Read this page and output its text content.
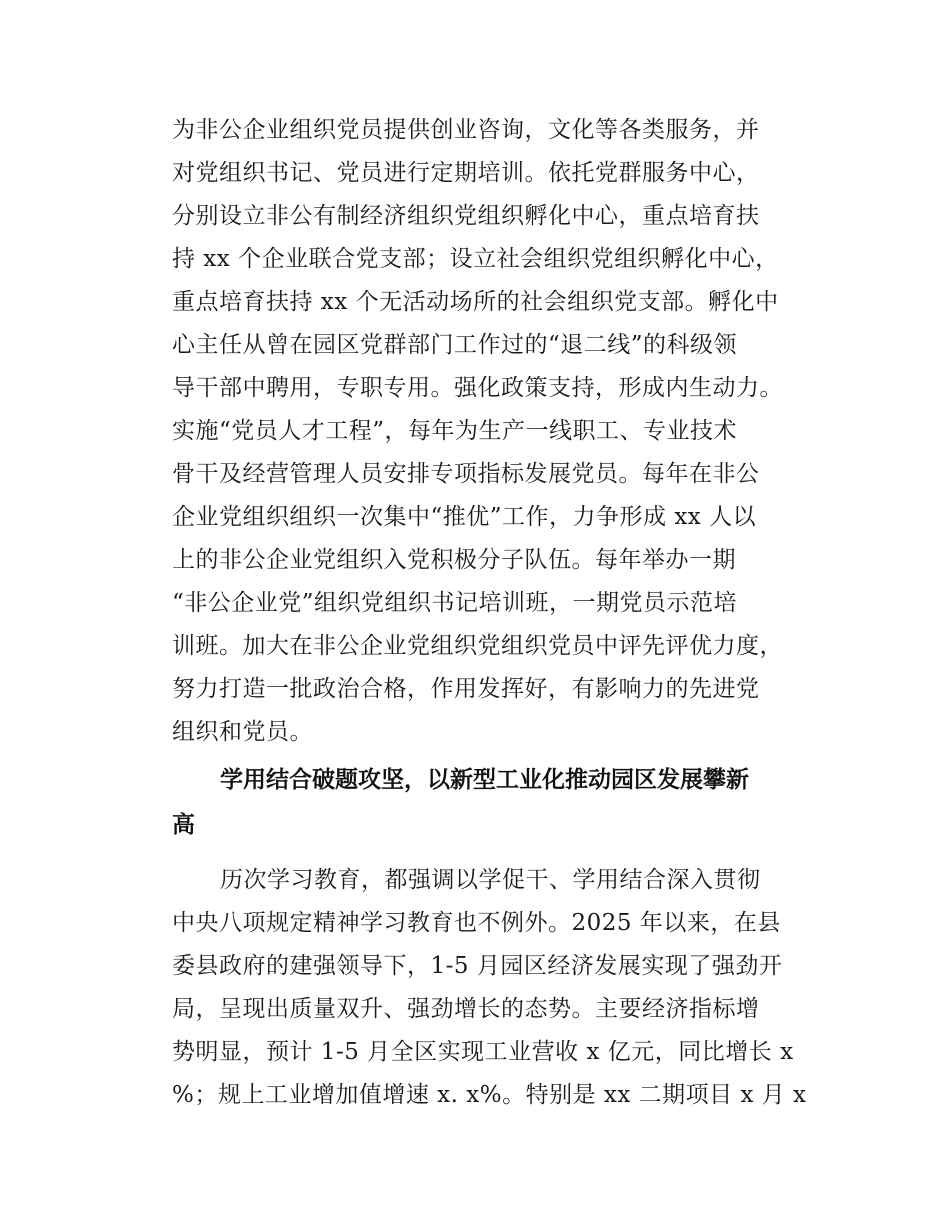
为非公企业组织党员提供创业咨询，文化等各类服务，并
对党组织书记、党员进行定期培训。依托党群服务中心，
分别设立非公有制经济组织党组织孵化中心，重点培育扶
持 xx 个企业联合党支部；设立社会组织党组织孵化中心，
重点培育扶持 xx 个无活动场所的社会组织党支部。孵化中
心主任从曾在园区党群部门工作过的“退二线”的科级领
导干部中聘用，专职专用。强化政策支持，形成内生动力。
实施“党员人才工程”，每年为生产一线职工、专业技术
骨干及经营管理人员安排专项指标发展党员。每年在非公
企业党组织组织一次集中“推优”工作，力争形成 xx 人以
上的非公企业党组织入党积极分子队伍。每年举办一期
“非公企业党”组织党组织书记培训班，一期党员示范培
训班。加大在非公企业党组织党组织党员中评先评优力度，
努力打造一批政治合格，作用发挥好，有影响力的先进党
组织和党员。
学用结合破题攻坚，以新型工业化推动园区发展攀新
高
历次学习教育，都强调以学促干、学用结合深入贯彻
中央八项规定精神学习教育也不例外。2025 年以来，在县
委县政府的建强领导下，1-5 月园区经济发展实现了强劲开
局，呈现出质量双升、强劲增长的态势。主要经济指标增
势明显，预计 1-5 月全区实现工业营收 x 亿元，同比增长 x
%；规上工业增加值增速 x. x%。特别是 xx 二期项目 x 月 x
